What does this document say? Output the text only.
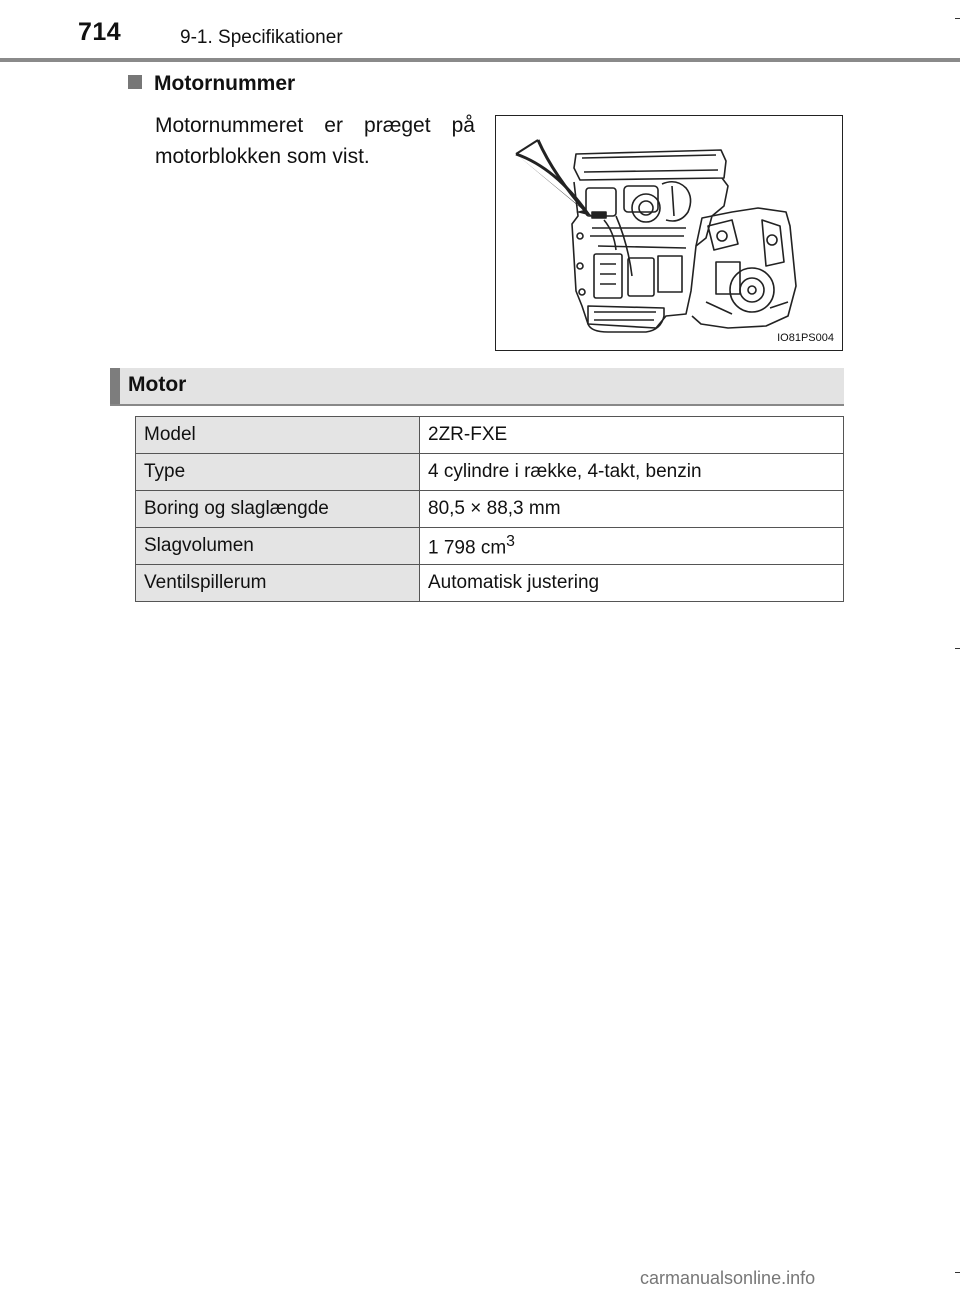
714	9-1. Specifikationer
Motornummer
Motornummeret er præget på motorblokken som vist.
IO81PS004
Motor
Model	2ZR-FXE
Type	4 cylindre i række, 4-takt, benzin
Boring og slaglængde	80,5 × 88,3 mm
Slagvolumen	1 798 $cm^3$
Ventilspillerum	Automatisk justering
carmanualsonline.info
